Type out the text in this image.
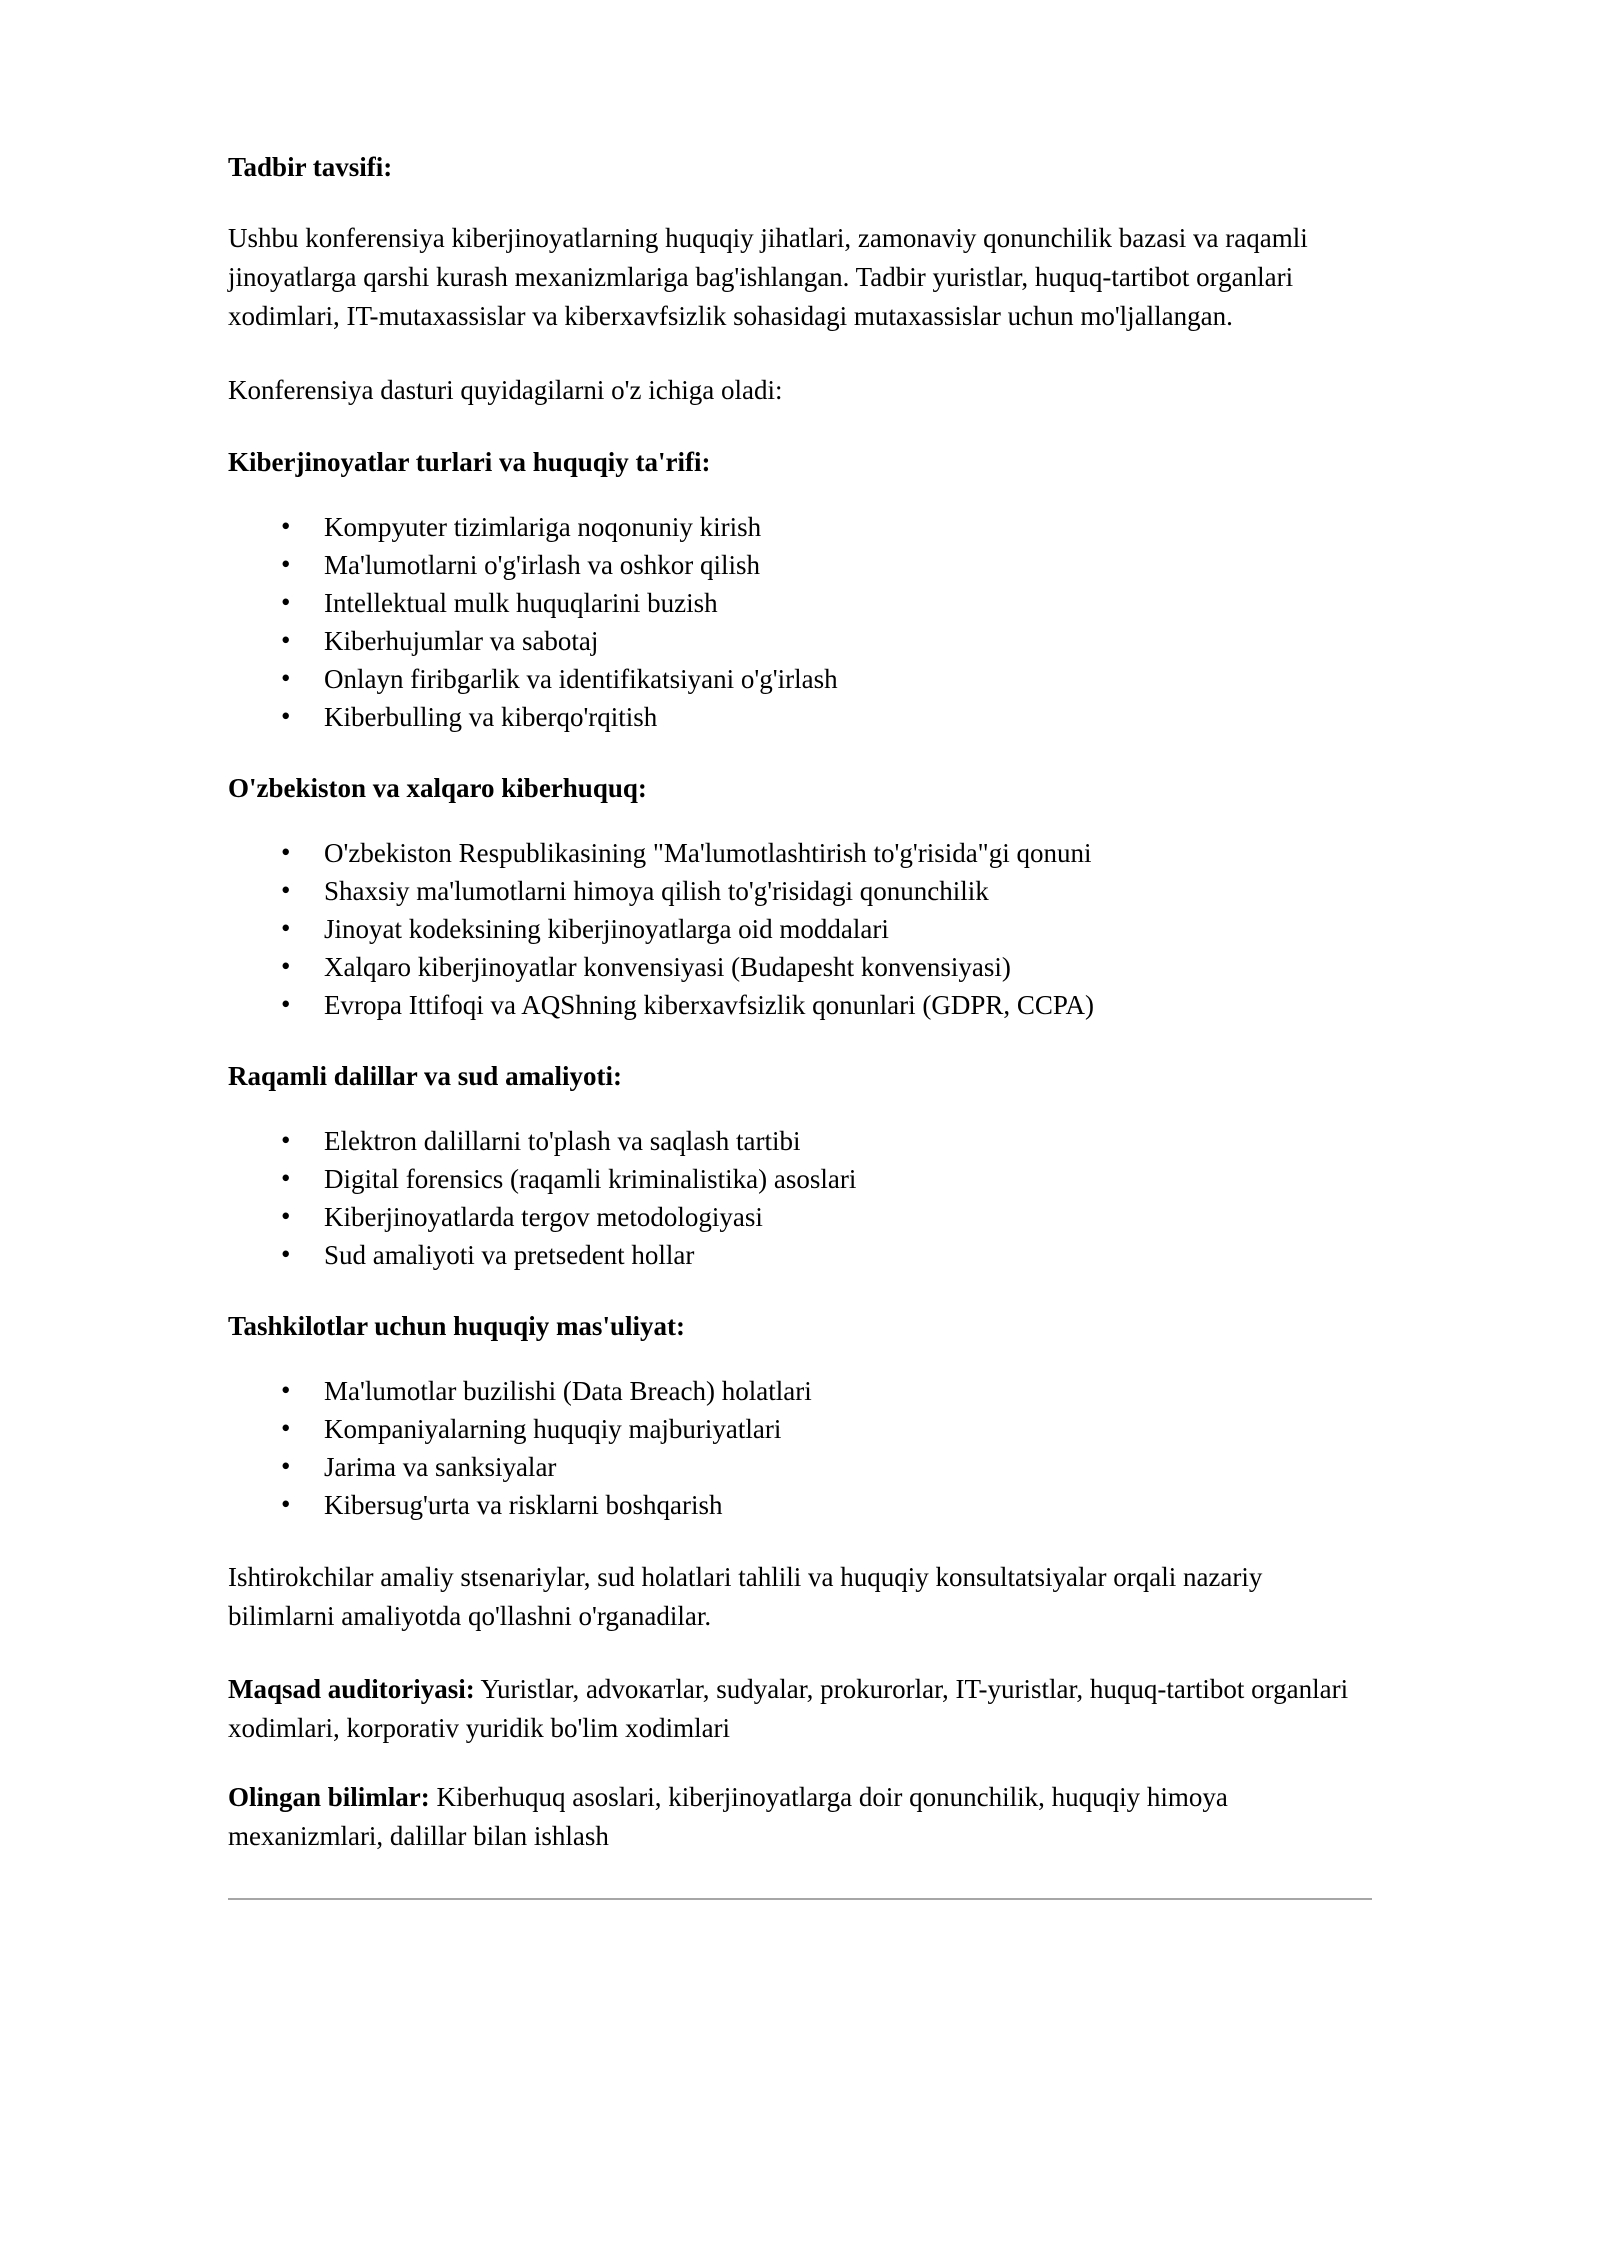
Tadbir tavsifi:

Ushbu konferensiya kiberjinoyatlarning huquqiy jihatlari, zamonaviy qonunchilik bazasi va raqamli jinoyatlarga qarshi kurash mexanizmlariga bag'ishlangan. Tadbir yuristlar, huquq-tartibot organlari xodimlari, IT-mutaxassislar va kiberxavfsizlik sohasidagi mutaxassislar uchun mo'ljallangan.

Konferensiya dasturi quyidagilarni o'z ichiga oladi:

Kiberjinoyatlar turlari va huquqiy ta'rifi:
• Kompyuter tizimlariga noqonuniy kirish
• Ma'lumotlarni o'g'irlash va oshkor qilish
• Intellektual mulk huquqlarini buzish
• Kiberhujumlar va sabotaj
• Onlayn firibgarlik va identifikatsiyani o'g'irlash
• Kiberbulling va kiberqo'rqitish
O'zbekiston va xalqaro kiberhuquq:
• O'zbekiston Respublikasining "Ma'lumotlashtirish to'g'risida"gi qonuni
• Shaxsiy ma'lumotlarni himoya qilish to'g'risidagi qonunchilik
• Jinoyat kodeksining kiberjinoyatlarga oid moddalari
• Xalqaro kiberjinoyatlar konvensiyasi (Budapesht konvensiyasi)
• Evropa Ittifoqi va AQShning kiberxavfsizlik qonunlari (GDPR, CCPA)
Raqamli dalillar va sud amaliyoti:
• Elektron dalillarni to'plash va saqlash tartibi
• Digital forensics (raqamli kriminalistika) asoslari
• Kiberjinoyatlarda tergov metodologiyasi
• Sud amaliyoti va pretsedent hollar
Tashkilotlar uchun huquqiy mas'uliyat:
• Ma'lumotlar buzilishi (Data Breach) holatlari
• Kompaniyalarning huquqiy majburiyatlari
• Jarima va sanksiyalar
• Kibersug'urta va risklarni boshqarish

Ishtirokchilar amaliy stsenariylar, sud holatlari tahlili va huquqiy konsultatsiyalar orqali nazariy bilimlarni amaliyotda qo'llashni o'rganadilar.

Maqsad auditoriyasi: Yuristlar, advoкaтlar, sudyalar, prokurorlar, IT-yuristlar, huquq-tartibot organlari xodimlari, korporativ yuridik bo'lim xodimlari

Olingan bilimlar: Kiberhuquq asoslari, kiberjinoyatlarga doir qonunchilik, huquqiy himoya mexanizmlari, dalillar bilan ishlash
